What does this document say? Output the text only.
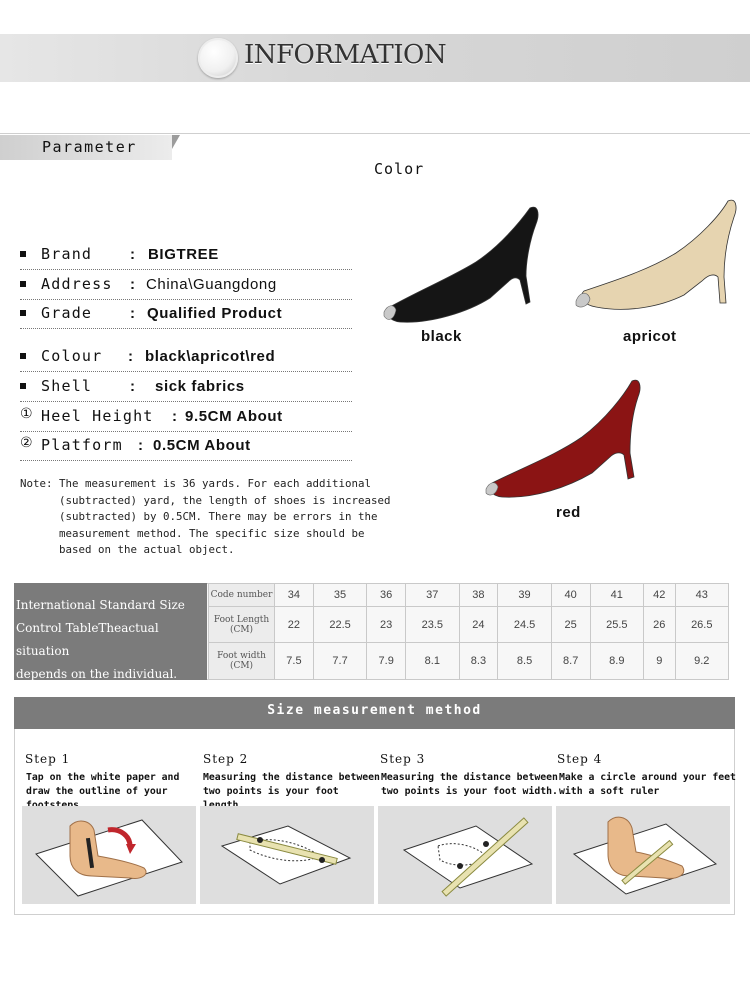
INFORMATION
Parameter
Color
Brand	: BIGTREE
Address : China\Guangdong
Grade	: Qualified Product
Colour : black\apricot\red
Shell	: sick fabrics
① Heel Height : 9.5CM About
② Platform : 0.5CM About
Note: The measurement is 36 yards. For each additional
(subtracted) yard, the length of shoes is increased
(subtracted) by 0.5CM. There may be errors in the
measurement method. The specific size should be
based on the actual object.
black	apricot
red
	Code number	34	35	36	37	38	39	40	41	42	43
	Foot Length (CM)	22	22.5	23	23.5	24	24.5	25	25.5	26	26.5
	Foot width (CM)	7.5	7.7	7.9	8.1	8.3	8.5	8.7	8.9	9	9.2
International Standard Size
Control TableTheactual situation
depends on the individual.
Size measurement method
Step 1
Tap on the white paper and draw the outline of your
Step 2
Measuring the distance between two points is your foot
Step 3
Measuring the distance between two points is your foot width.
Step 4
Make a circle around your feet with a soft ruler
